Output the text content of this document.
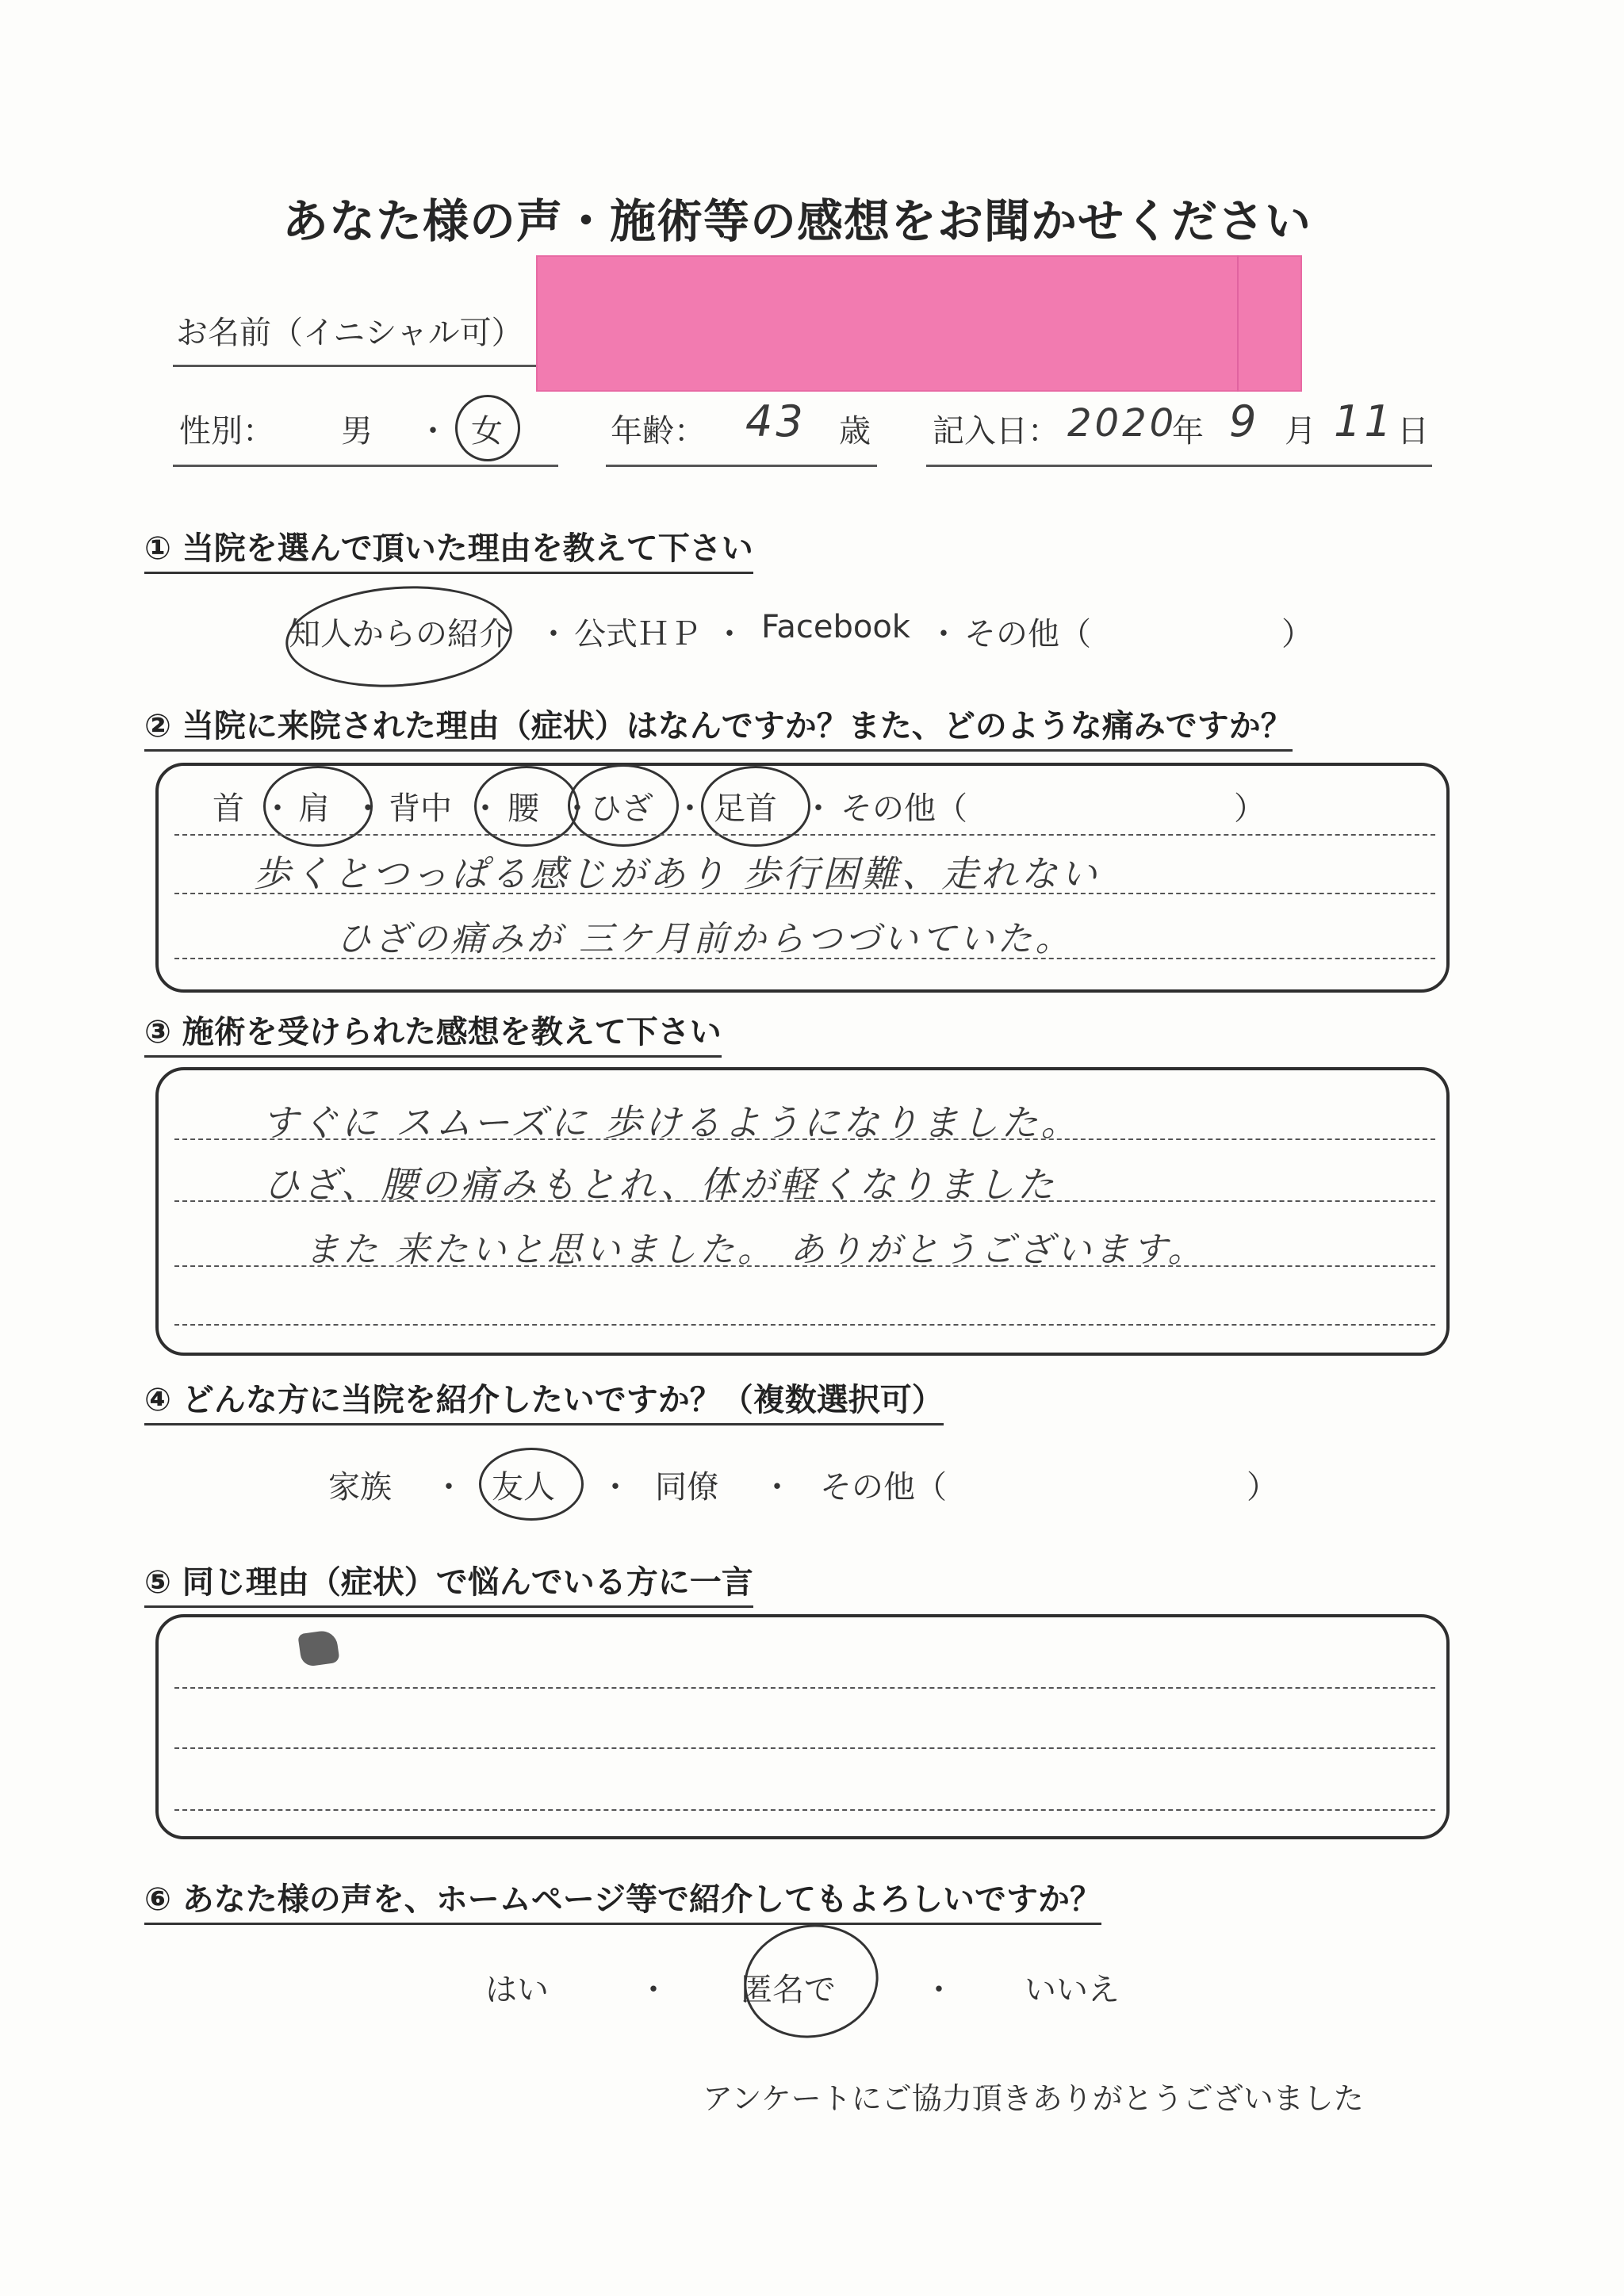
あなた様の声・施術等の感想をお聞かせください
お名前（イニシャル可）
性別： 男 ・ 女	年齢： 43 歳 記入日： 2020
年 9 月 11 日
① 当院を選んで頂いた理由を教えて下さい
知人からの紹介 ・ 公式ＨＰ ・ Facebook ・ その他（	）
② 当院に来院された理由（症状）はなんですか？また、どのような痛みですか？
首 ・ 肩 ・ 背中 ・ 腰 ・
ひざ ・ 足首 ・ その他（	）
歩くとつっぱる感じがあり 歩行困難、走れない
ひざの痛みが 三ケ月前からつづいていた。
③ 施術を受けられた感想を教えて下さい
すぐに スムーズに 歩けるようになりました。
ひざ、腰の痛みもとれ、体が軽くなりました
また 来たいと思いました。 ありがとうございます。
④ どんな方に当院を紹介したいですか？（複数選択可）
家族 ・ 友人 ・ 同僚 ・ その他（	）
⑤ 同じ理由（症状）で悩んでいる方に一言
⑥ あなた様の声を、ホームページ等で紹介してもよろしいですか？
はい	・ 匿名で	・ いいえ
アンケートにご協力頂きありがとうございました
